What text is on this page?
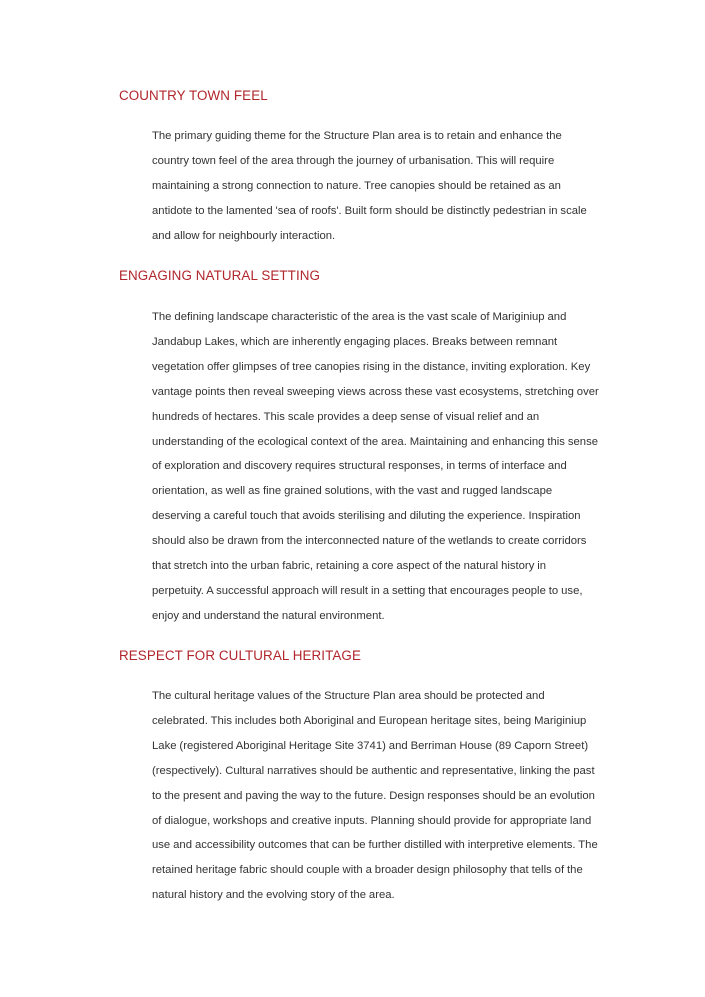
COUNTRY TOWN FEEL

The primary guiding theme for the Structure Plan area is to retain and enhance the
country town feel of the area through the journey of urbanisation. This will require
maintaining a strong connection to nature. Tree canopies should be retained as an
antidote to the lamented 'sea of roofs'. Built form should be distinctly pedestrian in scale
and allow for neighbourly interaction.

ENGAGING NATURAL SETTING

The defining landscape characteristic of the area is the vast scale of Mariginiup and
Jandabup Lakes, which are inherently engaging places. Breaks between remnant
vegetation offer glimpses of tree canopies rising in the distance, inviting exploration. Key
vantage points then reveal sweeping views across these vast ecosystems, stretching over
hundreds of hectares. This scale provides a deep sense of visual relief and an
understanding of the ecological context of the area. Maintaining and enhancing this sense
of exploration and discovery requires structural responses, in terms of interface and
orientation, as well as fine grained solutions, with the vast and rugged landscape
deserving a careful touch that avoids sterilising and diluting the experience. Inspiration
should also be drawn from the interconnected nature of the wetlands to create corridors
that stretch into the urban fabric, retaining a core aspect of the natural history in
perpetuity. A successful approach will result in a setting that encourages people to use,
enjoy and understand the natural environment.

RESPECT FOR CULTURAL HERITAGE

The cultural heritage values of the Structure Plan area should be protected and
celebrated. This includes both Aboriginal and European heritage sites, being Mariginiup
Lake (registered Aboriginal Heritage Site 3741) and Berriman House (89 Caporn Street)
(respectively). Cultural narratives should be authentic and representative, linking the past
to the present and paving the way to the future. Design responses should be an evolution
of dialogue, workshops and creative inputs. Planning should provide for appropriate land
use and accessibility outcomes that can be further distilled with interpretive elements. The
retained heritage fabric should couple with a broader design philosophy that tells of the
natural history and the evolving story of the area.
